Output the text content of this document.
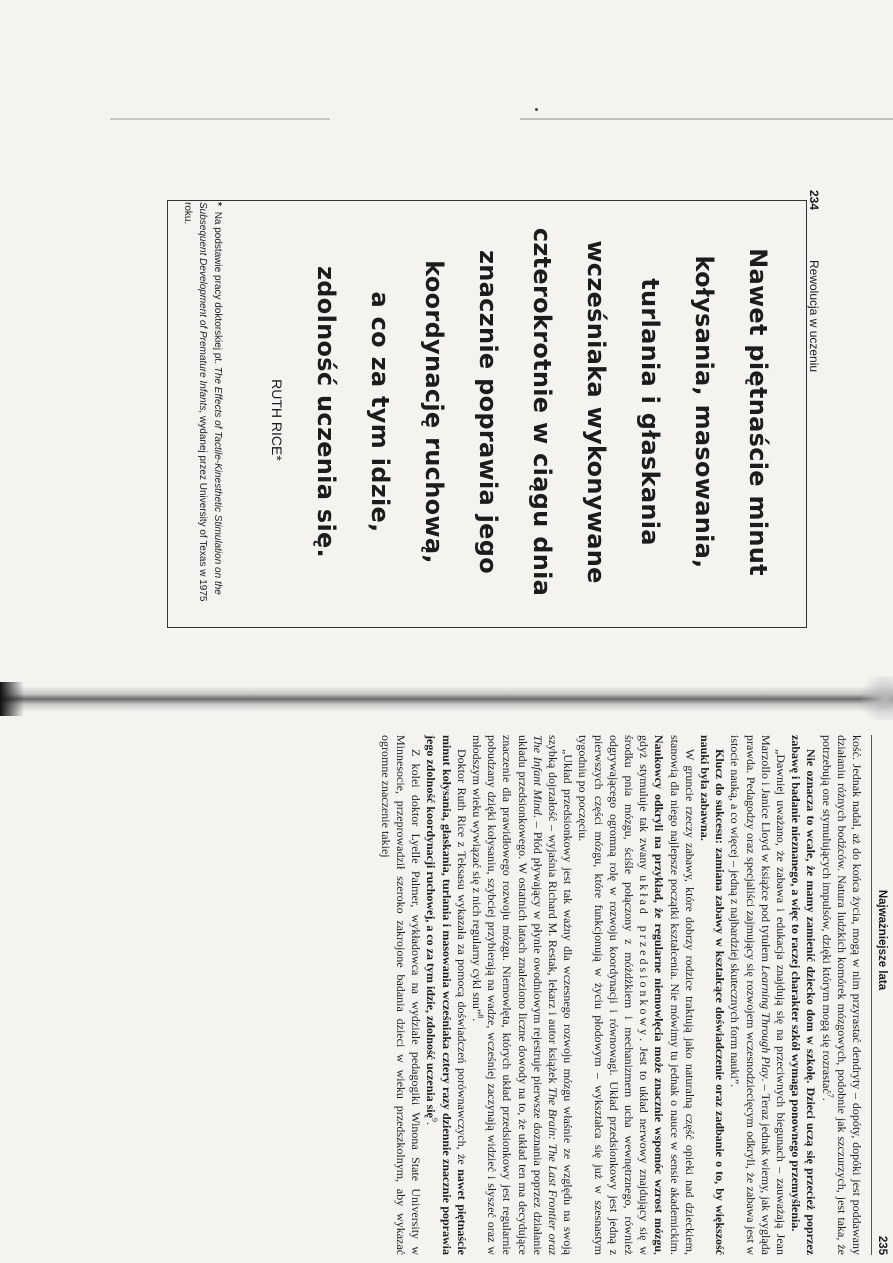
234
Rewolucja w uczeniu
Nawet piętnaście minut
kołysania, masowania,
turlania i głaskania
wcześniaka wykonywane
czterokrotnie w ciągu dnia
znacznie poprawia jego
koordynację ruchową,
a co za tym idzie,
zdolność uczenia się.
RUTH RICE*
* Na podstawie pracy doktorskiej pt. The Effects of Tactile-Kinesthetic Stimulation on the Subsequent Development of Premature Infants, wydanej przez University of Texas w 1975 roku.
Najważniejsze lata
235

kość. Jednak nadal, aż do końca życia, mogą w nim przyrastać dendryty – dopóty, dopóki jest poddawany działaniu różnych bodźców. Natura ludzkich komórek mózgowych, podobnie jak szczurzych, jest taka, że potrzebują one stymulujących impulsów, dzięki którym mogą się rozrastać$^7$.

Nie oznacza to wcale, że mamy zamienić dziecko dom w szkołę. Dzieci uczą się przecież poprzez zabawę i badanie nieznanego, a więc to raczej charakter szkół wymaga ponownego przemyślenia.

„Dawniej uważano, że zabawa i edukacja znajdują się na przeciwnych biegunach – zauważają Jean Marzollo i Janice Lloyd w książce pod tytułem Learning Through Play. – Teraz jednak wiemy, jak wygląda prawda. Pedagodzy oraz specjaliści zajmujący się rozwojem wczesnodziecięcym odkryli, że zabawa jest w istocie nauką, a co więcej – jedną z najbardziej skutecznych form nauki”.

Klucz do sukcesu: zamiana zabawy w kształcące doświadczenie oraz zadbanie o to, by większość nauki była zabawna.

W gruncie rzeczy zabawy, które dobrzy rodzice traktują jako naturalną część opieki nad dzieckiem, stanowią dla niego najlepsze początki kształcenia. Nie mówimy tu jednak o nauce w sensie akademickim. Naukowcy odkryli na przykład, że regularne niemowlęcia może znacznie wspomóc wzrost mózgu, gdyż stymuluje tak zwany układ przedsionkowy. Jest to układ nerwowy znajdujący się w środku pnia mózgu, ściśle połączony z móżdżkiem i mechanizmem ucha wewnętrznego, również odgrywającego ogromną rolę w rozwoju koordynacji i równowagi. Układ przedsionkowy jest jedną z pierwszych części mózgu, które funkcjonują w życiu płodowym – wykształca się już w szesnastym tygodniu po poczęciu.

„Układ przedsionkowy jest tak ważny dla wczesnego rozwoju mózgu właśnie ze względu na swoją szybką dojrzałość – wyjaśnia Richard M. Restak, lekarz i autor książek The Brain: The Last Frontier oraz The Infant Mind. – Płód pływający w płynie owodniowym rejestruje pierwsze doznania poprzez działanie układu przedsionkowego. W ostatnich latach znaleziono liczne dowody na to, że układ ten ma decydujące znaczenie dla prawidłowego rozwoju mózgu. Niemowlęta, których układ przedsionkowy jest regularnie pobudzany dzięki kołysaniu, szybciej przybierają na wadze, wcześniej zaczynają widzieć i słyszeć oraz w młodszym wieku wywiązać się z nich regularny cykl snu”$^8$.

Doktor Ruth Rice z Teksasu wykazała za pomocą doświadczeń porównawczych, że nawet piętnaście minut kołysania, głaskania, turlania i masowania wcześniaka cztery razy dziennie znacznie poprawia jego zdolność koordynacji ruchowej, a co za tym idzie, zdolność uczenia się$^9$.

Z kolei doktor Lyelle Palmer, wykładowca na wydziale pedagogiki Winona State University w Minnesocie, przeprowadził szeroko zakrojone badania dzieci w wieku przedszkolnym, aby wykazać ogromne znaczenie takiej
